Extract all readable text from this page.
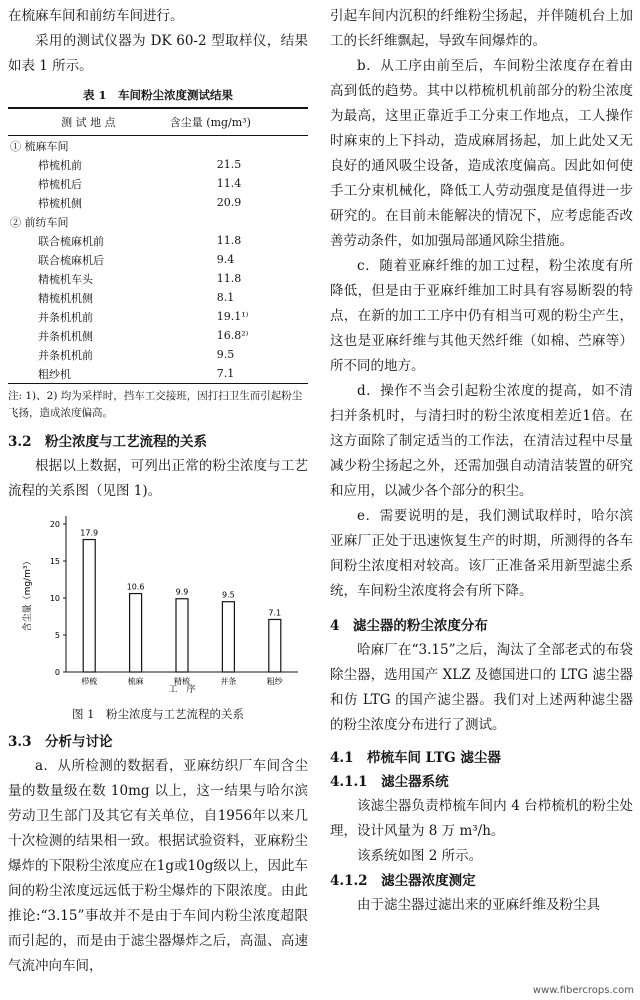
在梳麻车间和前纺车间进行。

采用的测试仪器为 DK 60-2 型取样仪，结果如表 1 所示。

表 1　车间粉尘浓度测试结果
测 试 地 点	含尘量 (mg/m³)
① 梳麻车间	
栉梳机前	21.5
栉梳机后	11.4
栉梳机侧	20.9
② 前纺车间	
联合梳麻机前	11.8
联合梳麻机后	9.4
精梳机车头	11.8
精梳机机侧	8.1
并条机机前	19.1¹⁾
并条机机侧	16.8²⁾
并条机机前	9.5
粗纱机	7.1
注: 1)、2) 均为采样时，挡车工交接班，因打扫卫生而引起粉尘飞扬，造成浓度偏高。
3.2　粉尘浓度与工艺流程的关系

根据以上数据，可列出正常的粉尘浓度与工艺流程的关系图（见图 1)。

0
5
10
15
20
17.9
10.6
9.9	9.5
7.1
含尘量（mg/m³）
栉梳	梳麻	精梳	并条	粗纱
工　序
图 1　粉尘浓度与工艺流程的关系
3.3　分析与讨论

a．从所检测的数据看，亚麻纺织厂车间含尘量的数量级在数 10mg 以上，这一结果与哈尔滨劳动卫生部门及其它有关单位，自1956年以来几十次检测的结果相一致。根据试验资料，亚麻粉尘爆炸的下限粉尘浓度应在1g或10g级以上，因此车间的粉尘浓度远远低于粉尘爆炸的下限浓度。由此推论:“3.15”事故并不是由于车间内粉尘浓度超限而引起的，而是由于滤尘器爆炸之后，高温、高速气流冲向车间，

引起车间内沉积的纤维粉尘扬起，并伴随机台上加工的长纤维飘起，导致车间爆炸的。

b．从工序由前至后，车间粉尘浓度存在着由高到低的趋势。其中以栉梳机机前部分的粉尘浓度为最高，这里正靠近手工分束工作地点，工人操作时麻束的上下抖动，造成麻屑扬起，加上此处又无良好的通风吸尘设备，造成浓度偏高。因此如何使手工分束机械化，降低工人劳动强度是值得进一步研究的。在目前未能解决的情况下，应考虑能否改善劳动条件，如加强局部通风除尘措施。

c．随着亚麻纤维的加工过程，粉尘浓度有所降低，但是由于亚麻纤维加工时具有容易断裂的特点，在新的加工工序中仍有相当可观的粉尘产生，这也是亚麻纤维与其他天然纤维（如棉、苎麻等）所不同的地方。

d．操作不当会引起粉尘浓度的提高，如不清扫并条机时，与清扫时的粉尘浓度相差近1倍。在这方面除了制定适当的工作法，在清洁过程中尽量减少粉尘扬起之外，还需加强自动清洁装置的研究和应用，以减少各个部分的积尘。

e．需要说明的是，我们测试取样时，哈尔滨亚麻厂正处于迅速恢复生产的时期，所测得的各车间粉尘浓度相对较高。该厂正准备采用新型滤尘系统，车间粉尘浓度将会有所下降。

4　滤尘器的粉尘浓度分布

哈麻厂在“3.15”之后，淘汰了全部老式的布袋除尘器，选用国产 XLZ 及德国进口的 LTG 滤尘器和仿 LTG 的国产滤尘器。我们对上述两种滤尘器的粉尘浓度分布进行了测试。

4.1　栉梳车间 LTG 滤尘器
4.1.1　滤尘器系统

该滤尘器负责栉梳车间内 4 台栉梳机的粉尘处理，设计风量为 8 万 m³/h。

该系统如图 2 所示。

4.1.2　滤尘器浓度测定

由于滤尘器过滤出来的亚麻纤维及粉尘具

www.fibercrops.com
